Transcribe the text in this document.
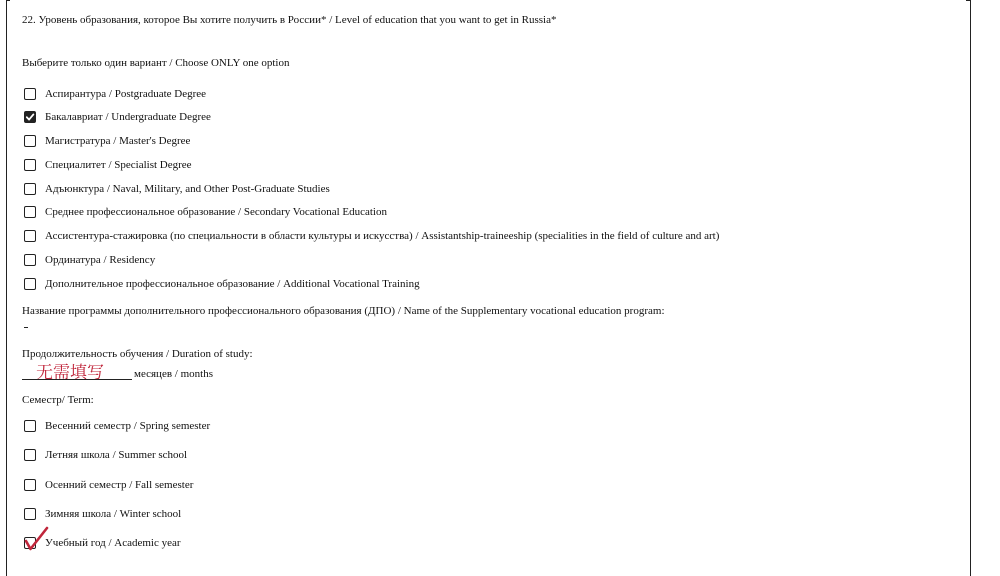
22. Уровень образования, которое Вы хотите получить в России* / Level of education that you want to get in Russia*
Выберите только один вариант / Choose ONLY one option
Аспирантура / Postgraduate Degree
Бакалавриат / Undergraduate Degree
Магистратура / Master's Degree
Специалитет / Specialist Degree
Адъюнктура / Naval, Military, and Other Post-Graduate Studies
Среднее профессиональное образование / Secondary Vocational Education
Ассистентура-стажировка (по специальности в области культуры и искусства) / Assistantship-traineeship (specialities in the field of culture and art)
Ординатура / Residency
Дополнительное профессиональное образование / Additional Vocational Training
Название программы дополнительного профессионального образования (ДПО) / Name of the Supplementary vocational education program:
Продолжительность обучения / Duration of study:
无需填写	месяцев / months
Семестр/ Term:
Весенний семестр / Spring semester
Летняя школа / Summer school
Осенний семестр / Fall semester
Зимняя школа / Winter school
Учебный год / Academic year
